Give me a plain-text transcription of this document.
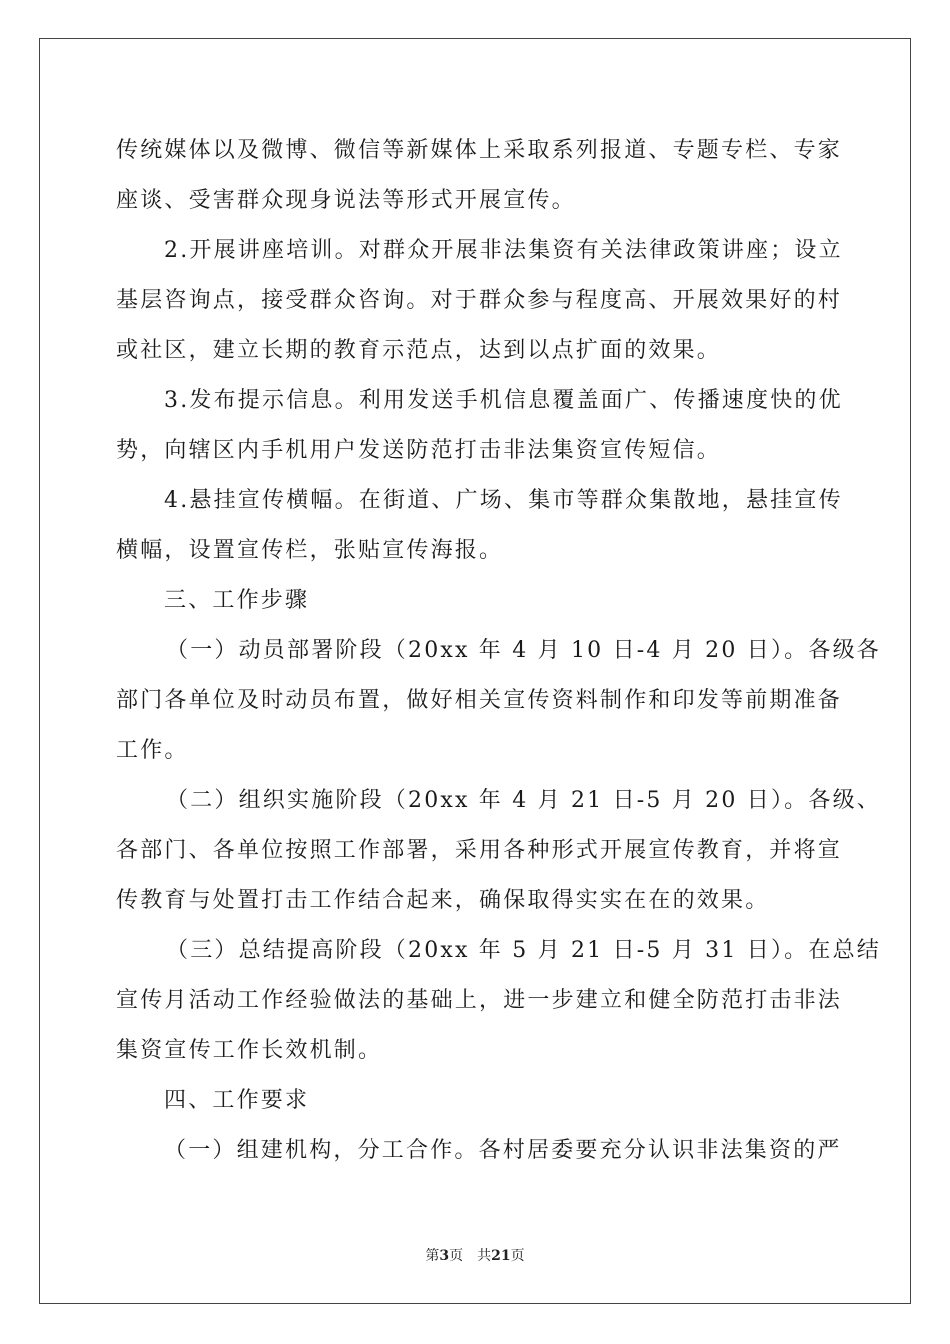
传统媒体以及微博、微信等新媒体上采取系列报道、专题专栏、专家
座谈、受害群众现身说法等形式开展宣传。
2.开展讲座培训。对群众开展非法集资有关法律政策讲座；设立
基层咨询点，接受群众咨询。对于群众参与程度高、开展效果好的村
或社区，建立长期的教育示范点，达到以点扩面的效果。
3.发布提示信息。利用发送手机信息覆盖面广、传播速度快的优
势，向辖区内手机用户发送防范打击非法集资宣传短信。
4.悬挂宣传横幅。在街道、广场、集市等群众集散地，悬挂宣传
横幅，设置宣传栏，张贴宣传海报。
三、工作步骤
（一）动员部署阶段（20xx 年 4 月 10 日-4 月 20 日）。各级各
部门各单位及时动员布置，做好相关宣传资料制作和印发等前期准备
工作。
（二）组织实施阶段（20xx 年 4 月 21 日-5 月 20 日）。各级、
各部门、各单位按照工作部署，采用各种形式开展宣传教育，并将宣
传教育与处置打击工作结合起来，确保取得实实在在的效果。
（三）总结提高阶段（20xx 年 5 月 21 日-5 月 31 日）。在总结
宣传月活动工作经验做法的基础上，进一步建立和健全防范打击非法
集资宣传工作长效机制。
四、工作要求
（一）组建机构，分工合作。各村居委要充分认识非法集资的严
第3页 共21页
